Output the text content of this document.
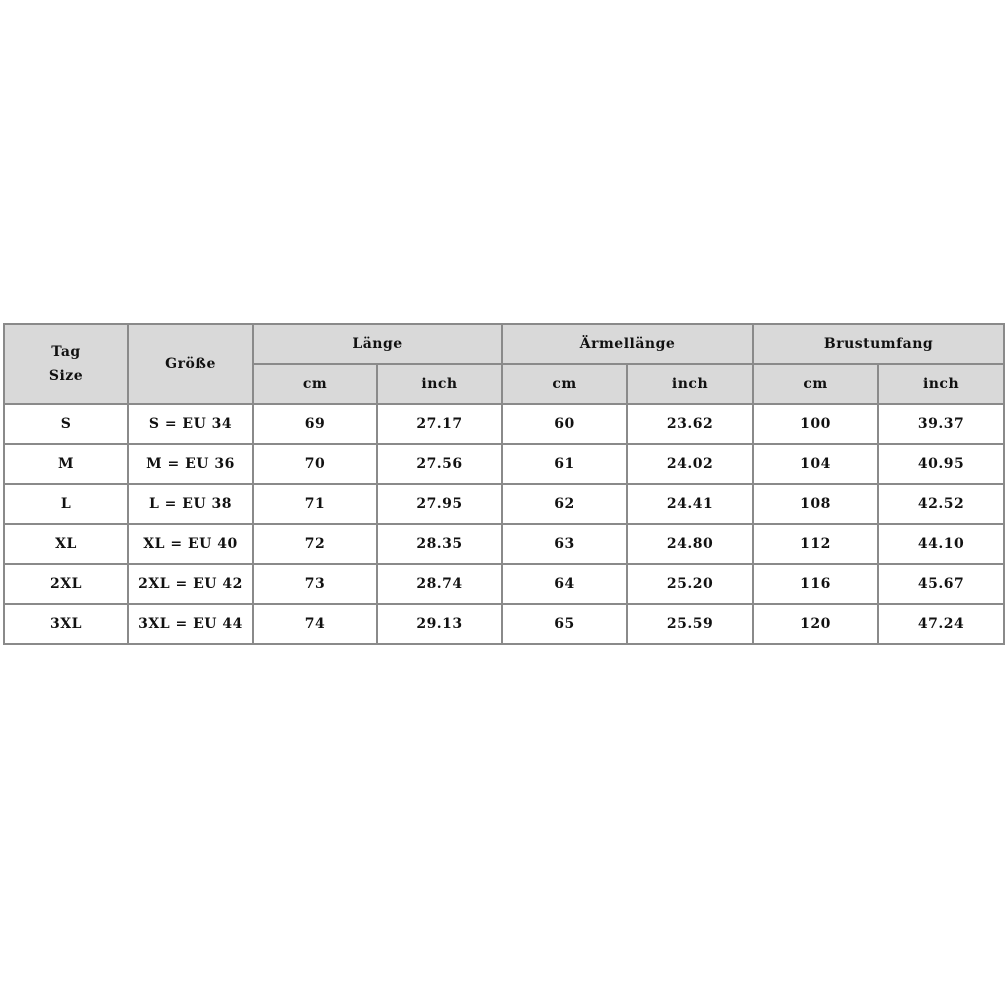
Tag
Size	Größe	Länge		Ärmellänge		Brustumfang	
		cm	inch	cm	inch	cm	inch
S	S = EU 34	69	27.17	60	23.62	100	39.37
M	M = EU 36	70	27.56	61	24.02	104	40.95
L	L = EU 38	71	27.95	62	24.41	108	42.52
XL	XL = EU 40	72	28.35	63	24.80	112	44.10
2XL	2XL = EU 42	73	28.74	64	25.20	116	45.67
3XL	3XL = EU 44	74	29.13	65	25.59	120	47.24
